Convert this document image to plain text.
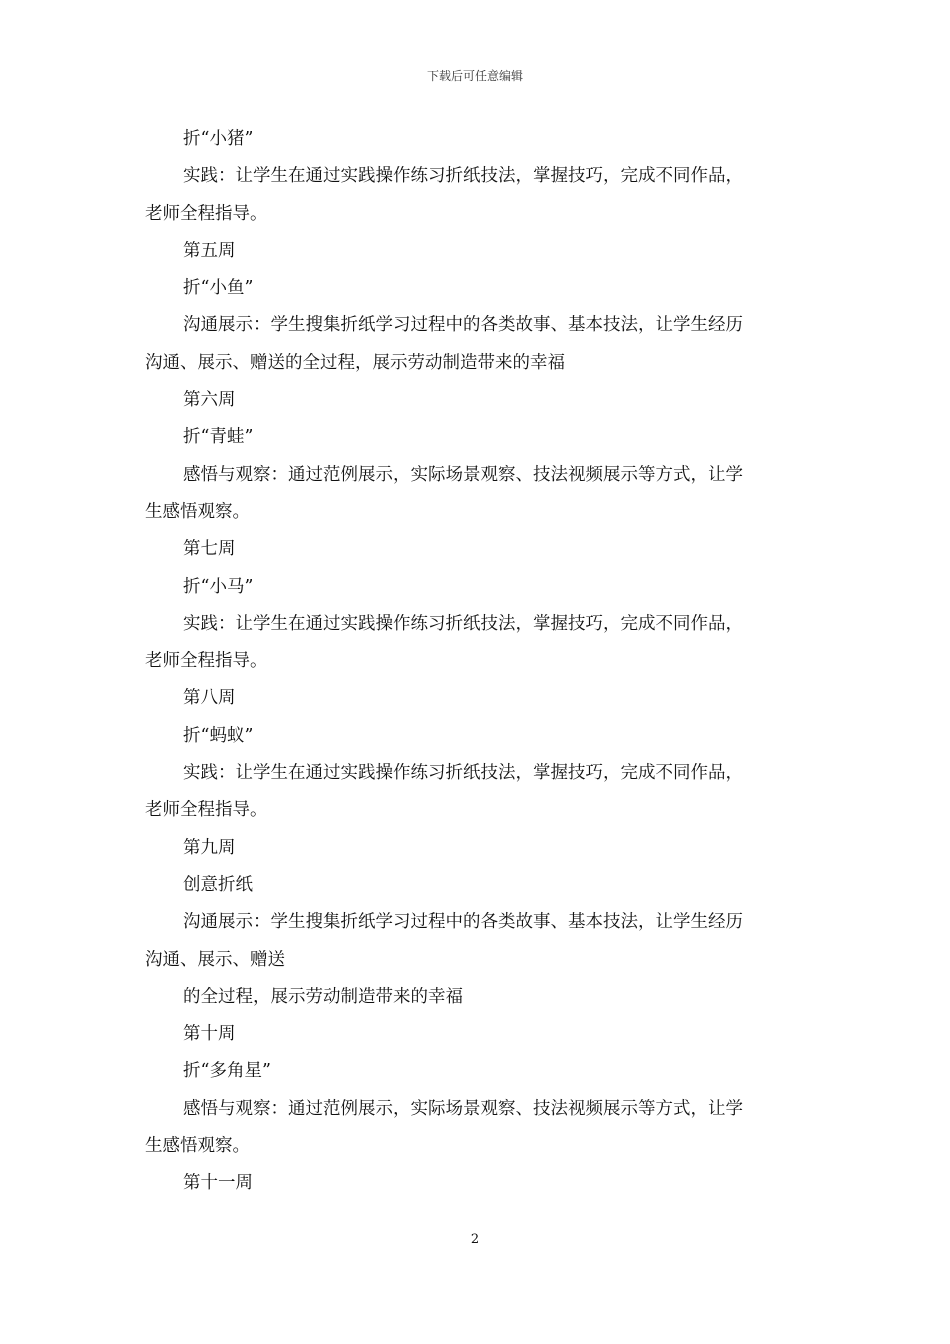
下载后可任意编辑
折“小猪”
实践：让学生在通过实践操作练习折纸技法，掌握技巧，完成不同作品，
老师全程指导。
第五周
折“小鱼”
沟通展示：学生搜集折纸学习过程中的各类故事、基本技法，让学生经历
沟通、展示、赠送的全过程，展示劳动制造带来的幸福
第六周
折“青蛙”
感悟与观察：通过范例展示，实际场景观察、技法视频展示等方式，让学
生感悟观察。
第七周
折“小马”
实践：让学生在通过实践操作练习折纸技法，掌握技巧，完成不同作品，
老师全程指导。
第八周
折“蚂蚁”
实践：让学生在通过实践操作练习折纸技法，掌握技巧，完成不同作品，
老师全程指导。
第九周
创意折纸
沟通展示：学生搜集折纸学习过程中的各类故事、基本技法，让学生经历
沟通、展示、赠送
的全过程，展示劳动制造带来的幸福
第十周
折“多角星”
感悟与观察：通过范例展示，实际场景观察、技法视频展示等方式，让学
生感悟观察。
第十一周
2
